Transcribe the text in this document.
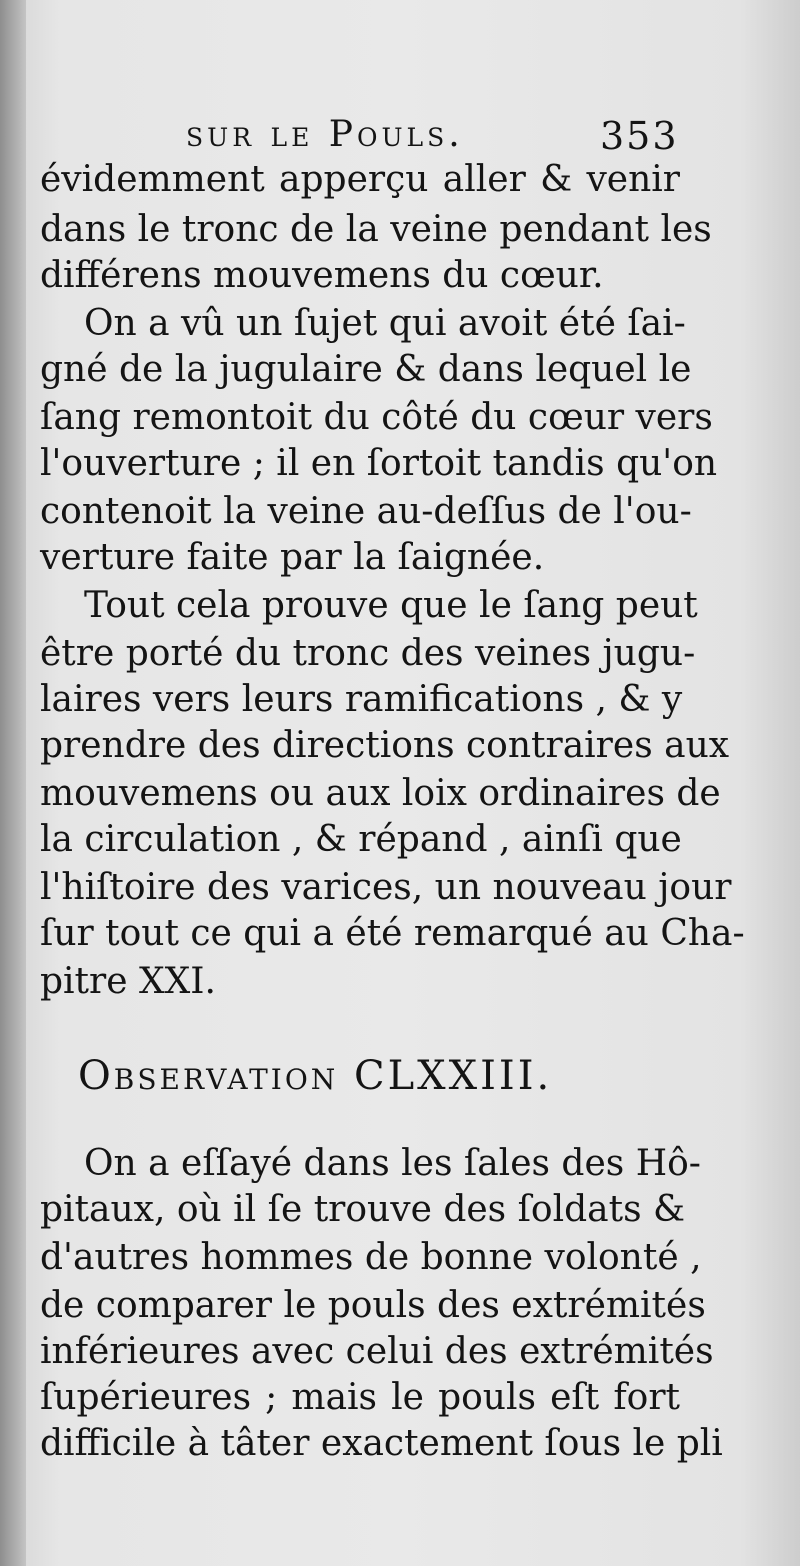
sur le Pouls.	353
évidemment apperçu aller & venir
dans le tronc de la veine pendant les
différens mouvemens du cœur.
On a vû un ſujet qui avoit été ſai-
gné de la jugulaire & dans lequel le
ſang remontoit du côté du cœur vers
l'ouverture ; il en ſortoit tandis qu'on
contenoit la veine au-deſſus de l'ou-
verture faite par la ſaignée.
Tout cela prouve que le ſang peut
être porté du tronc des veines jugu-
laires vers leurs ramifications , & y
prendre des directions contraires aux
mouvemens ou aux loix ordinaires de
la circulation , & répand , ainſi que
l'hiſtoire des varices, un nouveau jour
ſur tout ce qui a été remarqué au Cha-
pitre XXI.
Observation CLXXIII.
On a eſſayé dans les ſales des Hô-
pitaux, où il ſe trouve des ſoldats &
d'autres hommes de bonne volonté ,
de comparer le pouls des extrémités
inférieures avec celui des extrémités
ſupérieures ; mais le pouls eſt fort
difficile à tâter exactement ſous le pli
